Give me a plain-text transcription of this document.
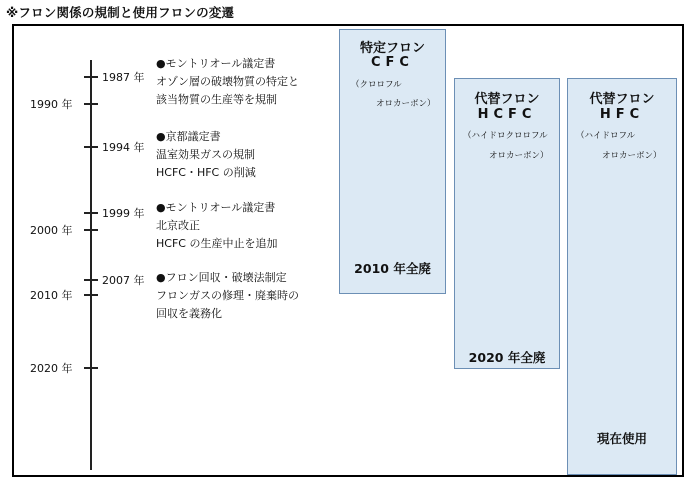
※フロン関係の規制と使用フロンの変遷
1990 年
2000 年
2010 年
2020 年
1987 年
●モントリオール議定書
オゾン層の破壊物質の特定と
該当物質の生産等を規制
1994 年
●京都議定書
温室効果ガスの規制
HCFC・HFC の削減
1999 年 ●モントリオール議定書
北京改正
HCFC の生産中止を追加
2007 年 ●フロン回収・破壊法制定
フロンガスの修理・廃棄時の
回収を義務化
特定フロン
CFC
（クロロフル
オロカーボン）
2010 年全廃
代替フロン
HCFC
（ハイドロクロロフル
オロカーボン）
2020 年全廃
代替フロン
HFC
（ハイドロフル
オロカーボン）
現在使用
